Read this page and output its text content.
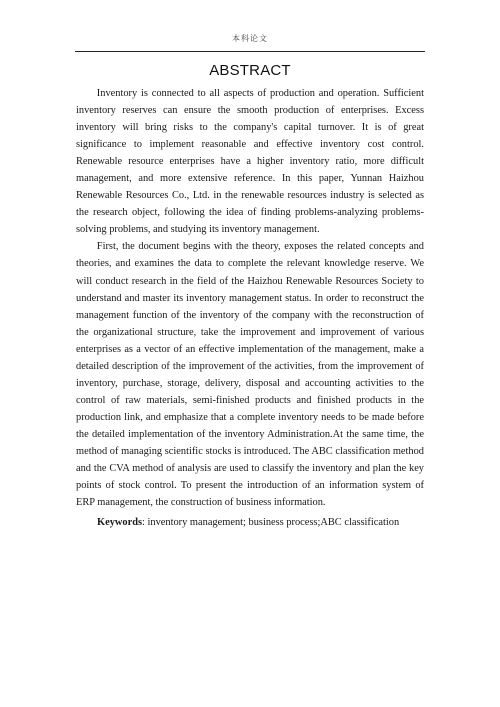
本科论文
ABSTRACT

Inventory is connected to all aspects of production and operation. Sufficient inventory reserves can ensure the smooth production of enterprises. Excess inventory will bring risks to the company's capital turnover. It is of great significance to implement reasonable and effective inventory cost control. Renewable resource enterprises have a higher inventory ratio, more difficult management, and more extensive reference. In this paper, Yunnan Haizhou Renewable Resources Co., Ltd. in the renewable resources industry is selected as the research object, following the idea of finding problems-analyzing problems-solving problems, and studying its inventory management.

First, the document begins with the theory, exposes the related concepts and theories, and examines the data to complete the relevant knowledge reserve. We will conduct research in the field of the Haizhou Renewable Resources Society to understand and master its inventory management status. In order to reconstruct the management function of the inventory of the company with the reconstruction of the organizational structure, take the improvement and improvement of various enterprises as a vector of an effective implementation of the management, make a detailed description of the improvement of the activities, from the improvement of inventory, purchase, storage, delivery, disposal and accounting activities to the control of raw materials, semi-finished products and finished products in the production link, and emphasize that a complete inventory needs to be made before the detailed implementation of the inventory Administration.At the same time, the method of managing scientific stocks is introduced. The ABC classification method and the CVA method of analysis are used to classify the inventory and plan the key points of stock control. To present the introduction of an information system of ERP management, the construction of business information.

Keywords: inventory management; business process;ABC classification
